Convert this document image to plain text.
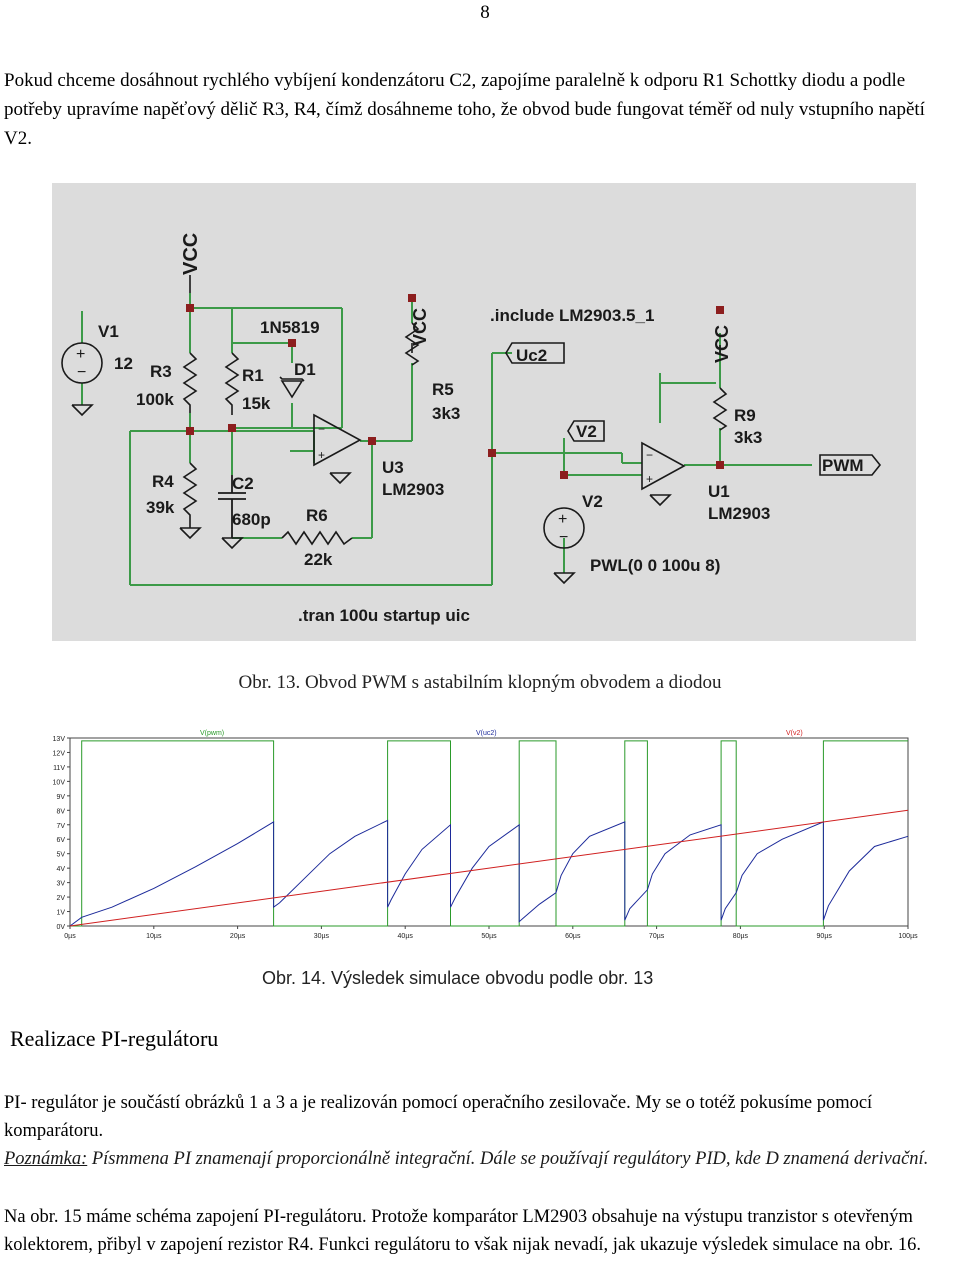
8

Pokud chceme dosáhnout rychlého vybíjení kondenzátoru C2, zapojíme paralelně k odporu R1 Schottky diodu a podle potřeby upravíme napěťový dělič R3, R4, čímž dosáhneme toho, že obvod bude fungovat téměř od nuly vstupního napětí V2.

−
+	−
+
+
−
+
−
VCC
VCC	VCC
V1
12 R3
100k
1N5819
R1
15k
D1
R5
3k3
.include LM2903.5_1
Uc2
V2
R9
3k3
PWM
R4
39k
C2
680p R6
22k
U3
LM2903
V2
PWL(0 0 100u 8)
U1
LM2903
.tran 100u startup uic
Obr. 13. Obvod PWM s astabilním klopným obvodem a diodou
0V
1V
2V
3V
4V
5V
6V
7V
8V
9V
10V
11V
12V
13V
0µs	10µs	20µs	30µs	40µs	50µs	60µs	70µs	80µs	90µs	100µs
V(pwm)	V(uc2)	V(v2)
Obr. 14. Výsledek simulace obvodu podle obr. 13
Realizace PI-regulátoru

PI- regulátor je součástí obrázků 1 a 3 a je realizován pomocí operačního zesilovače. My se o totéž pokusíme pomocí komparátoru.

Poznámka: Písmmena PI znamenají proporcionálně integrační. Dále se používají regulátory PID, kde D znamená derivační.

Na obr. 15 máme schéma zapojení PI-regulátoru. Protože komparátor LM2903 obsahuje na výstupu tranzistor s otevřeným kolektorem, přibyl v zapojení rezistor R4. Funkci regulátoru to však nijak nevadí, jak ukazuje výsledek simulace na obr. 16.
